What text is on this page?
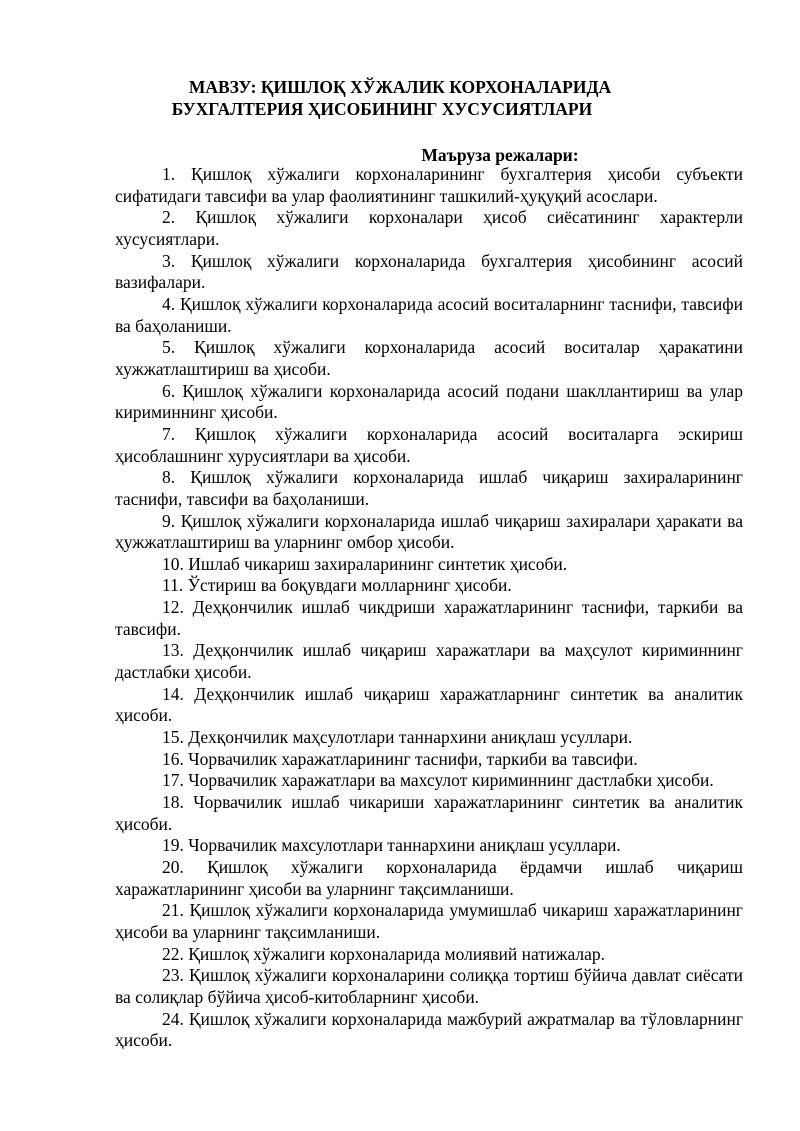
МАВЗУ: ҚИШЛОҚ ХЎЖАЛИК КОРХОНАЛАРИДА

БУХГАЛТЕРИЯ ҲИСОБИНИНГ ХУСУСИЯТЛАРИ
Маъруза режалари:

1. Қишлоқ хўжалиги корхоналарининг бухгалтерия ҳисоби субъекти сифатидаги тавсифи ва улар фаолиятининг ташкилий-ҳуқуқий асослари.

2. Қишлоқ хўжалиги корхоналари ҳисоб сиёсатининг характерли хусусиятлари.

3. Қишлоқ хўжалиги корхоналарида бухгалтерия ҳисобининг асосий вазифалари.

4. Қишлоқ хўжалиги корхоналарида асосий воситаларнинг таснифи, тавсифи ва баҳоланиши.

5. Қишлоқ хўжалиги корхоналарида асосий воситалар ҳаракатини хужжатлаштириш ва ҳисоби.

6. Қишлоқ хўжалиги корхоналарида асосий подани шакллантириш ва улар кириминнинг ҳисоби.

7. Қишлоқ хўжалиги корхоналарида асосий воситаларга эскириш ҳисоблашнинг хурусиятлари ва ҳисоби.

8. Қишлоқ хўжалиги корхоналарида ишлаб чиқариш захираларининг таснифи, тавсифи ва баҳоланиши.

9. Қишлоқ хўжалиги корхоналарида ишлаб чиқариш захиралари ҳаракати ва ҳужжатлаштириш ва уларнинг омбор ҳисоби.

10. Ишлаб чикариш захираларининг синтетик ҳисоби.

11. Ўстириш ва боқувдаги молларнинг ҳисоби.

12. Деҳқончилик ишлаб чикдриши харажатларининг таснифи, таркиби ва тавсифи.

13. Деҳқончилик ишлаб чиқариш харажатлари ва маҳсулот кириминнинг дастлабки ҳисоби.

14. Деҳқончилик ишлаб чиқариш харажатларнинг синтетик ва аналитик ҳисоби.

15. Дехқончилик маҳсулотлари таннархини аниқлаш усуллари.

16. Чорвачилик харажатларининг таснифи, таркиби ва тавсифи.

17. Чорвачилик харажатлари ва махсулот кириминнинг дастлабки ҳисоби.

18. Чорвачилик ишлаб чикариши харажатларининг синтетик ва аналитик ҳисоби.

19. Чорвачилик махсулотлари таннархини аниқлаш усуллари.

20. Қишлоқ хўжалиги корхоналарида ёрдамчи ишлаб чиқариш харажатларининг ҳисоби ва уларнинг тақсимланиши.

21. Қишлоқ хўжалиги корхоналарида умумишлаб чикариш харажатларининг ҳисоби ва уларнинг тақсимланиши.

22. Қишлоқ хўжалиги корхоналарида молиявий натижалар.

23. Қишлоқ хўжалиги корхоналарини солиққа тортиш бўйича давлат сиёсати ва солиқлар бўйича ҳисоб-китобларнинг ҳисоби.

24. Қишлоқ хўжалиги корхоналарида мажбурий ажратмалар ва тўловларнинг ҳисоби.
